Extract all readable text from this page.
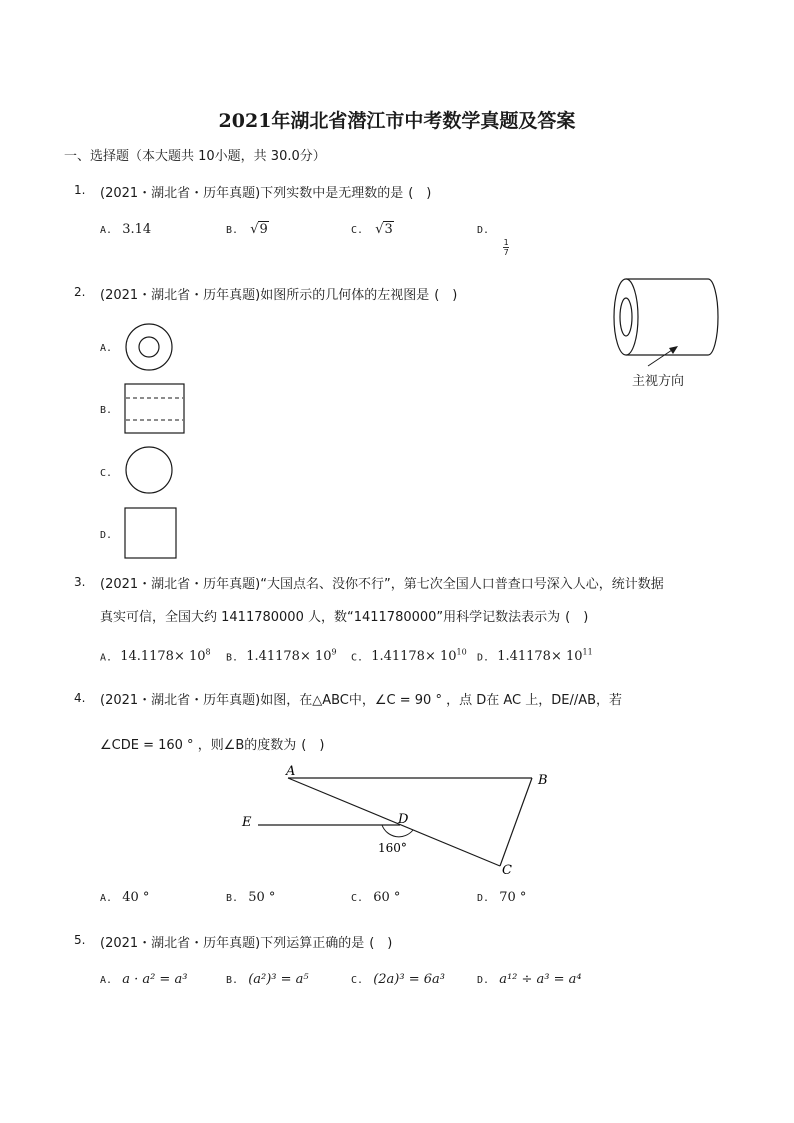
2021年湖北省潜江市中考数学真题及答案
一、选择题（本大题共 10小题，共 30.0分）
1. (2021・湖北省・历年真题)下列实数中是无理数的是 (　)
A. 3.14	B. √9	C. √3	D.
$\frac{1}{7}$
2. (2021・湖北省・历年真题)如图所示的几何体的左视图是 (　)
主视方向
A.
B.
C.
D.
3. (2021・湖北省・历年真题)“大国点名、没你不行”，第七次全国人口普查口号深入人心，统计数据
真实可信，全国大约 1411780000 人，数“1411780000”用科学记数法表示为 (　)
A. $14.1178\times 10^8$ B. $1.41178\times 10^9$ C. $1.41178\times 10^{10}$ D. $1.41178\times 10^{11}$
4. (2021・湖北省・历年真题)如图，在△ABC中，∠C = 90 ° ，点 D在 AC 上，DE//AB，若
∠CDE = 160 ° ，则∠B的度数为 (　)
A
B
C
D
E
160°
A. 40 °	B. 50 °	C. 60 °	D. 70 °
5. (2021・湖北省・历年真题)下列运算正确的是 (　)
A. a · a² = a³	B. (a²)³ = a⁵	C. (2a)³ = 6a³	D. a¹² ÷ a³ = a⁴
